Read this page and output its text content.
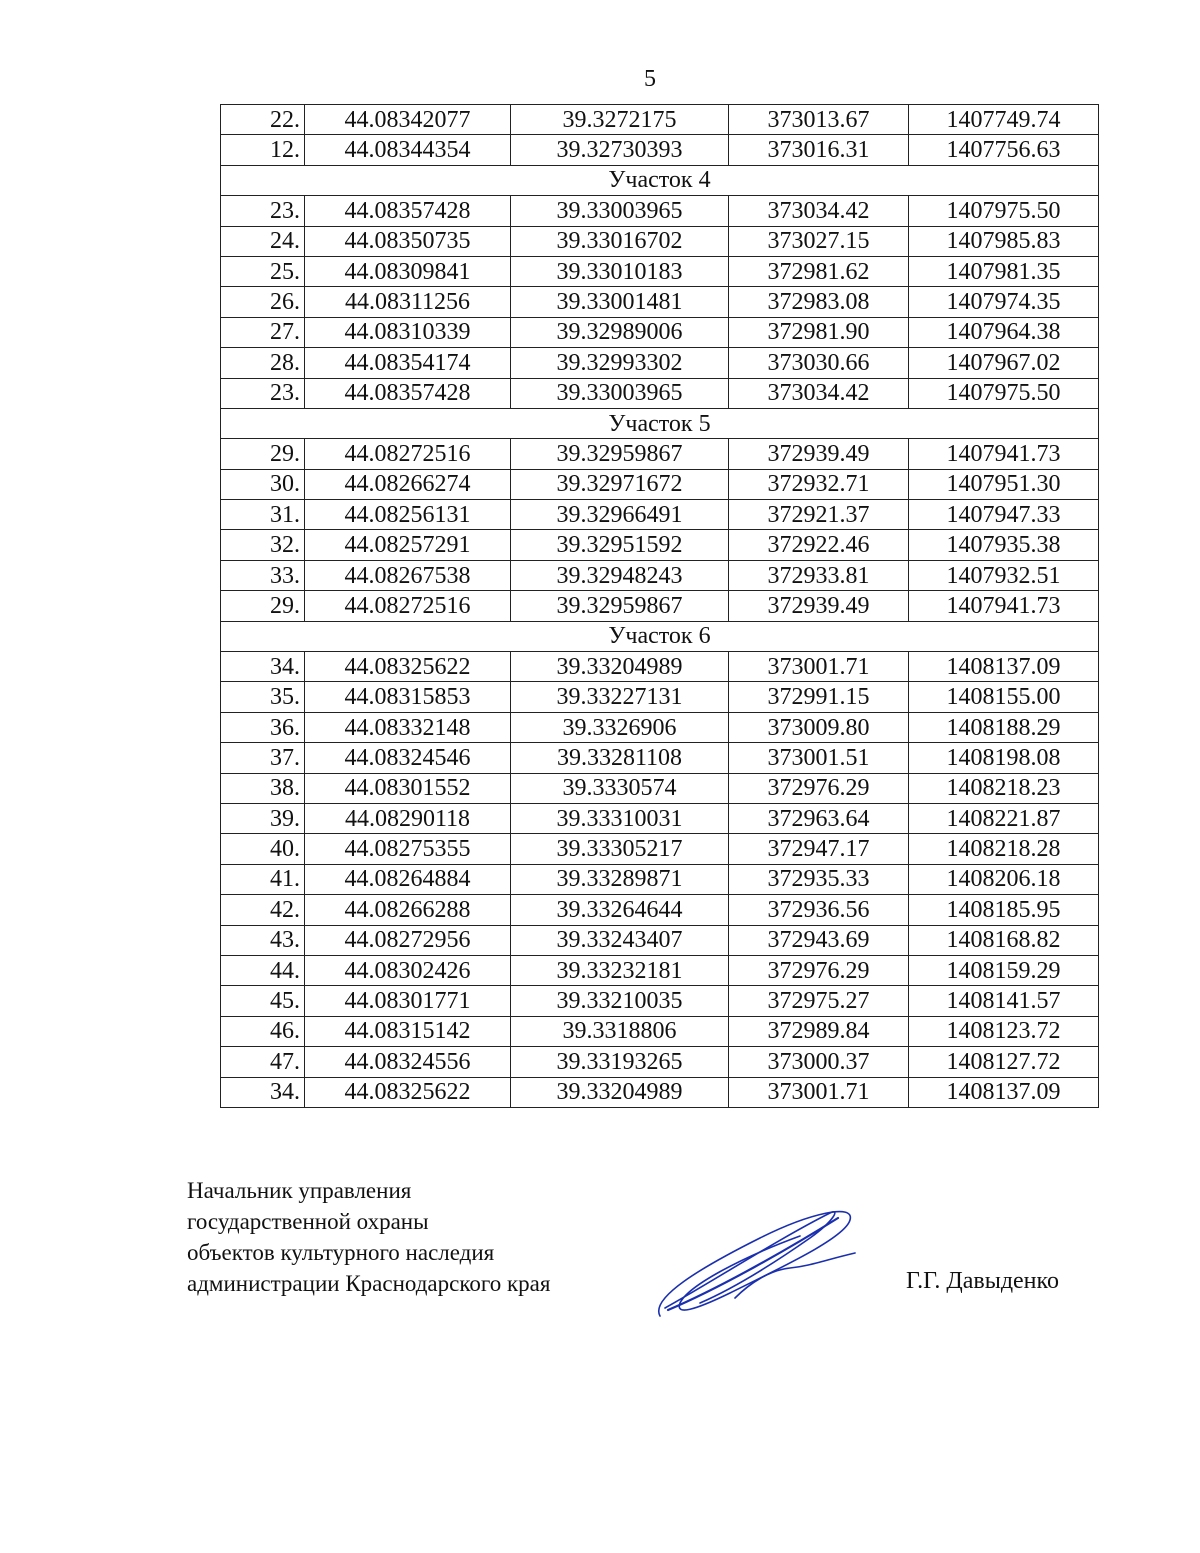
5
22.	44.08342077	39.3272175	373013.67	1407749.74
12.	44.08344354	39.32730393	373016.31	1407756.63
Участок 4				
23.	44.08357428	39.33003965	373034.42	1407975.50
24.	44.08350735	39.33016702	373027.15	1407985.83
25.	44.08309841	39.33010183	372981.62	1407981.35
26.	44.08311256	39.33001481	372983.08	1407974.35
27.	44.08310339	39.32989006	372981.90	1407964.38
28.	44.08354174	39.32993302	373030.66	1407967.02
23.	44.08357428	39.33003965	373034.42	1407975.50
Участок 5				
29.	44.08272516	39.32959867	372939.49	1407941.73
30.	44.08266274	39.32971672	372932.71	1407951.30
31.	44.08256131	39.32966491	372921.37	1407947.33
32.	44.08257291	39.32951592	372922.46	1407935.38
33.	44.08267538	39.32948243	372933.81	1407932.51
29.	44.08272516	39.32959867	372939.49	1407941.73
Участок 6				
34.	44.08325622	39.33204989	373001.71	1408137.09
35.	44.08315853	39.33227131	372991.15	1408155.00
36.	44.08332148	39.3326906	373009.80	1408188.29
37.	44.08324546	39.33281108	373001.51	1408198.08
38.	44.08301552	39.3330574	372976.29	1408218.23
39.	44.08290118	39.33310031	372963.64	1408221.87
40.	44.08275355	39.33305217	372947.17	1408218.28
41.	44.08264884	39.33289871	372935.33	1408206.18
42.	44.08266288	39.33264644	372936.56	1408185.95
43.	44.08272956	39.33243407	372943.69	1408168.82
44.	44.08302426	39.33232181	372976.29	1408159.29
45.	44.08301771	39.33210035	372975.27	1408141.57
46.	44.08315142	39.3318806	372989.84	1408123.72
47.	44.08324556	39.33193265	373000.37	1408127.72
34.	44.08325622	39.33204989	373001.71	1408137.09
Начальник управления
государственной охраны
объектов культурного наследия
администрации Краснодарского края	Г.Г. Давыденко
